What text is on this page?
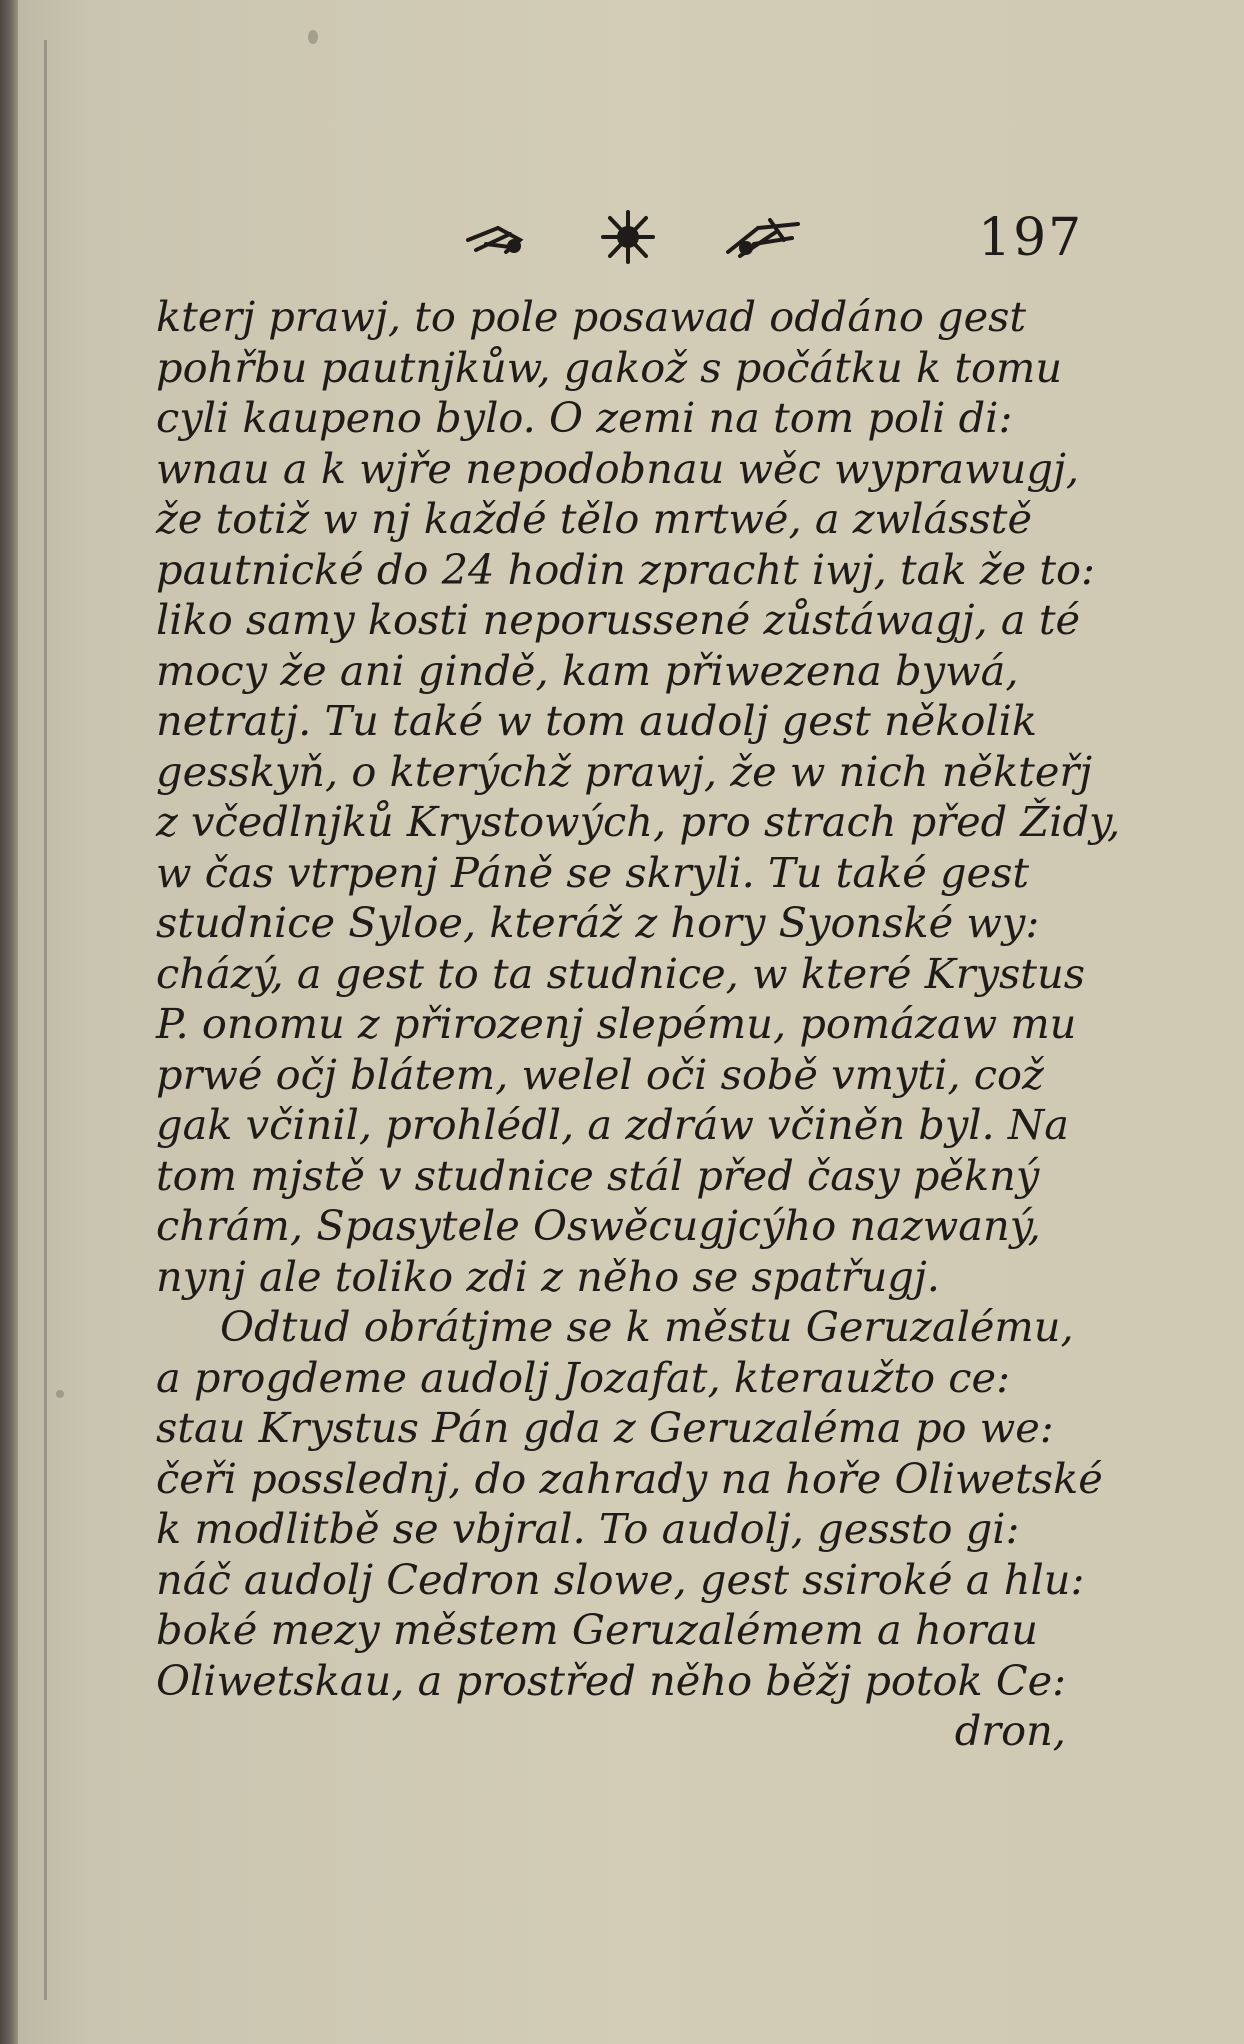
197
kterj prawj, to pole posawad oddáno gest
pohřbu pautnjkůw, gakož s počátku k tomu
cyli kaupeno bylo. O zemi na tom poli di:
wnau a k wjře nepodobnau wěc wyprawugj,
že totiž w nj každé tělo mrtwé, a zwlásstě
pautnické do 24 hodin zpracht iwj, tak že to:
liko samy kosti neporussené zůstáwagj, a té
mocy že ani gindě, kam přiwezena bywá,
netratj. Tu také w tom audolj gest několik
gesskyň, o kterýchž prawj, že w nich někteřj
z včedlnjků Krystowých, pro strach před Židy,
w čas vtrpenj Páně se skryli. Tu také gest
studnice Syloe, kteráž z hory Syonské wy:
cházý, a gest to ta studnice, w které Krystus
P. onomu z přirozenj slepému, pomázaw mu
prwé očj blátem, welel oči sobě vmyti, což
gak včinil, prohlédl, a zdráw včiněn byl. Na
tom mjstě v studnice stál před časy pěkný
chrám, Spasytele Oswěcugjcýho nazwaný,
nynj ale toliko zdi z něho se spatřugj.
Odtud obrátjme se k městu Geruzalému,
a progdeme audolj Jozafat, kteraužto ce:
stau Krystus Pán gda z Geruzaléma po we:
čeři posslednj, do zahrady na hoře Oliwetské
k modlitbě se vbjral. To audolj, gessto gi:
náč audolj Cedron slowe, gest ssiroké a hlu:
boké mezy městem Geruzalémem a horau
Oliwetskau, a prostřed něho běžj potok Ce:
dron,
